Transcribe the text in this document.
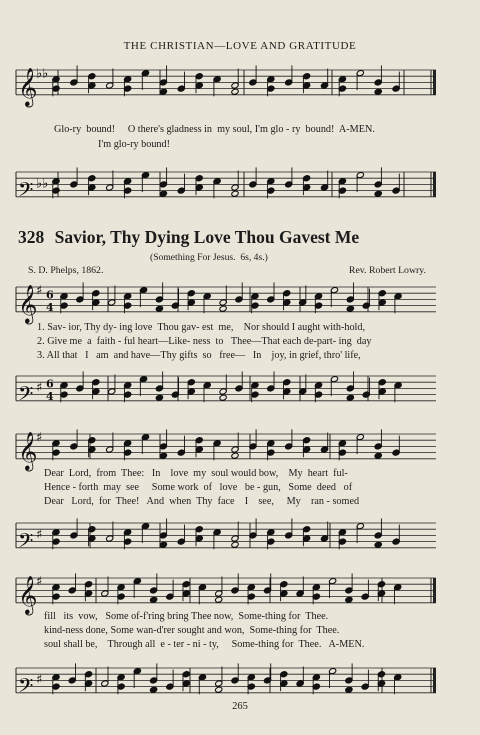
THE CHRISTIAN—LOVE AND GRATITUDE
𝄞
♭♭
Glo-ry  bound!     O there's gladness in  my soul, I'm glo - ry  bound!  A-MEN.
I'm glo-ry bound!
𝄢 ♭♭
328 Savior, Thy Dying Love Thou Gavest Me
(Something For Jesus.  6s, 4s.)
S. D. Phelps, 1862.	Rev. Robert Lowry.
𝄞
♯ 6
4
1. Sav- ior, Thy dy- ing love  Thou gav- est  me,    Nor should I aught with-hold,
2. Give me  a  faith - ful heart—Like- ness  to   Thee—That each de-part- ing  day
3. All that   I   am  and have—Thy gifts  so   free—   In    joy, in grief, thro' life,
𝄢 ♯ 6
4
𝄞
♯
Dear  Lord,  from  Thee:   In    love  my  soul would bow,    My  heart  ful-
Hence - forth  may  see     Some work  of   love   be - gun,   Some  deed   of
Dear   Lord,  for  Thee!   And  when  Thy  face    I    see,     My    ran - somed
𝄢 ♯
𝄞
♯
fill   its  vow,   Some of-f'ring bring Thee now,  Some-thing for  Thee.
kind-ness done, Some wan-d'rer sought and won,  Some-thing for  Thee.
soul shall be,    Through all  e - ter - ni - ty,     Some-thing for  Thee.   A-MEN.
𝄢 ♯
265
